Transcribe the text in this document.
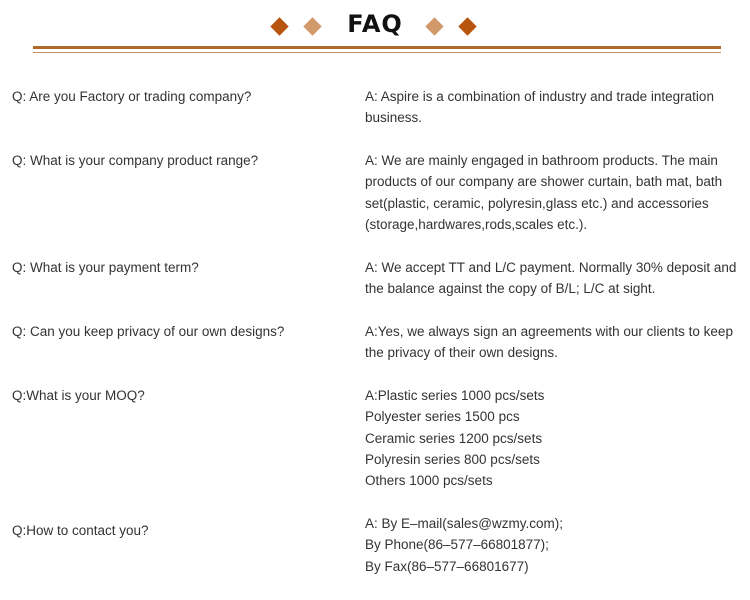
FAQ
Q: Are you Factory or trading company?	A: Aspire is a combination of industry and trade integration
business.
Q: What is your company product range?	A: We are mainly engaged in bathroom products. The main
products of our company are shower curtain, bath mat, bath
set(plastic, ceramic, polyresin,glass etc.) and accessories
(storage,hardwares,rods,scales etc.).
Q: What is your payment term?	A: We accept TT and L/C payment. Normally 30% deposit and
the balance against the copy of B/L; L/C at sight.
Q: Can you keep privacy of our own designs?	A:Yes, we always sign an agreements with our clients to keep
the privacy of their own designs.
Q:What is your MOQ?	A:Plastic series 1000 pcs/sets
Polyester series 1500 pcs
Ceramic series 1200 pcs/sets
Polyresin series 800 pcs/sets
Others 1000 pcs/sets
Q:How to contact you?	A: By E–mail(sales@wzmy.com);
By Phone(86–577–66801877);
By Fax(86–577–66801677)
